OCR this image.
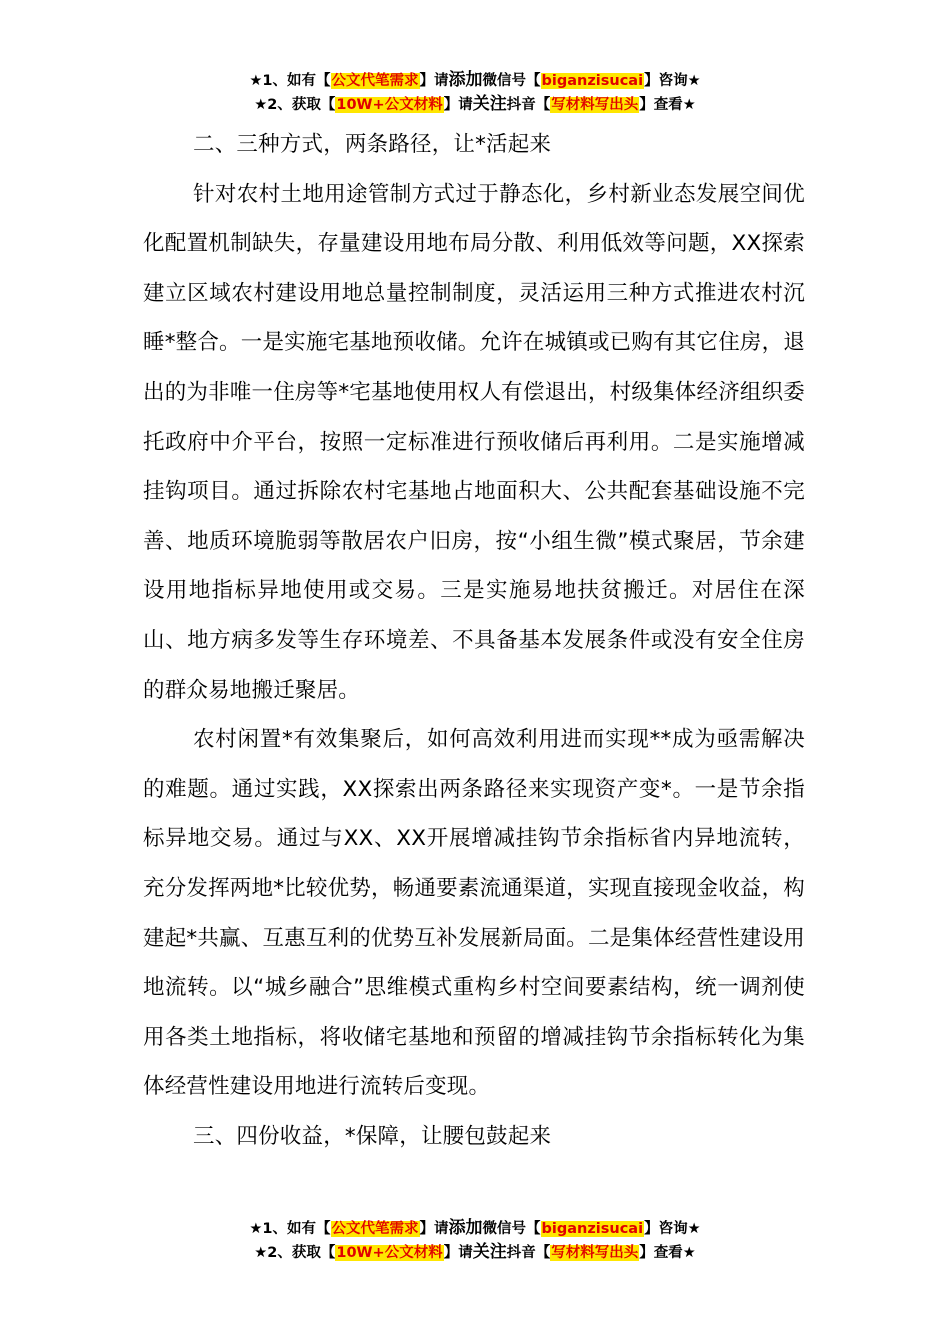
★1、如有【公文代笔需求】请添加微信号【biganzisucai】咨询★
★2、获取【10W+公文材料】请关注抖音【写材料写出头】查看★

二、三种方式，两条路径，让*活起来

针对农村土地用途管制方式过于静态化，乡村新业态发展空间优化配置机制缺失，存量建设用地布局分散、利用低效等问题，XX探索建立区域农村建设用地总量控制制度，灵活运用三种方式推进农村沉睡*整合。一是实施宅基地预收储。允许在城镇或已购有其它住房，退出的为非唯一住房等*宅基地使用权人有偿退出，村级集体经济组织委托政府中介平台，按照一定标准进行预收储后再利用。二是实施增减挂钩项目。通过拆除农村宅基地占地面积大、公共配套基础设施不完善、地质环境脆弱等散居农户旧房，按“小组生微”模式聚居，节余建设用地指标异地使用或交易。三是实施易地扶贫搬迁。对居住在深山、地方病多发等生存环境差、不具备基本发展条件或没有安全住房的群众易地搬迁聚居。

农村闲置*有效集聚后，如何高效利用进而实现**成为亟需解决的难题。通过实践，XX探索出两条路径来实现资产变*。一是节余指标异地交易。通过与XX、XX开展增减挂钩节余指标省内异地流转，充分发挥两地*比较优势，畅通要素流通渠道，实现直接现金收益，构建起*共赢、互惠互利的优势互补发展新局面。二是集体经营性建设用地流转。以“城乡融合”思维模式重构乡村空间要素结构，统一调剂使用各类土地指标，将收储宅基地和预留的增减挂钩节余指标转化为集体经营性建设用地进行流转后变现。

三、四份收益，*保障，让腰包鼓起来

★1、如有【公文代笔需求】请添加微信号【biganzisucai】咨询★
★2、获取【10W+公文材料】请关注抖音【写材料写出头】查看★
